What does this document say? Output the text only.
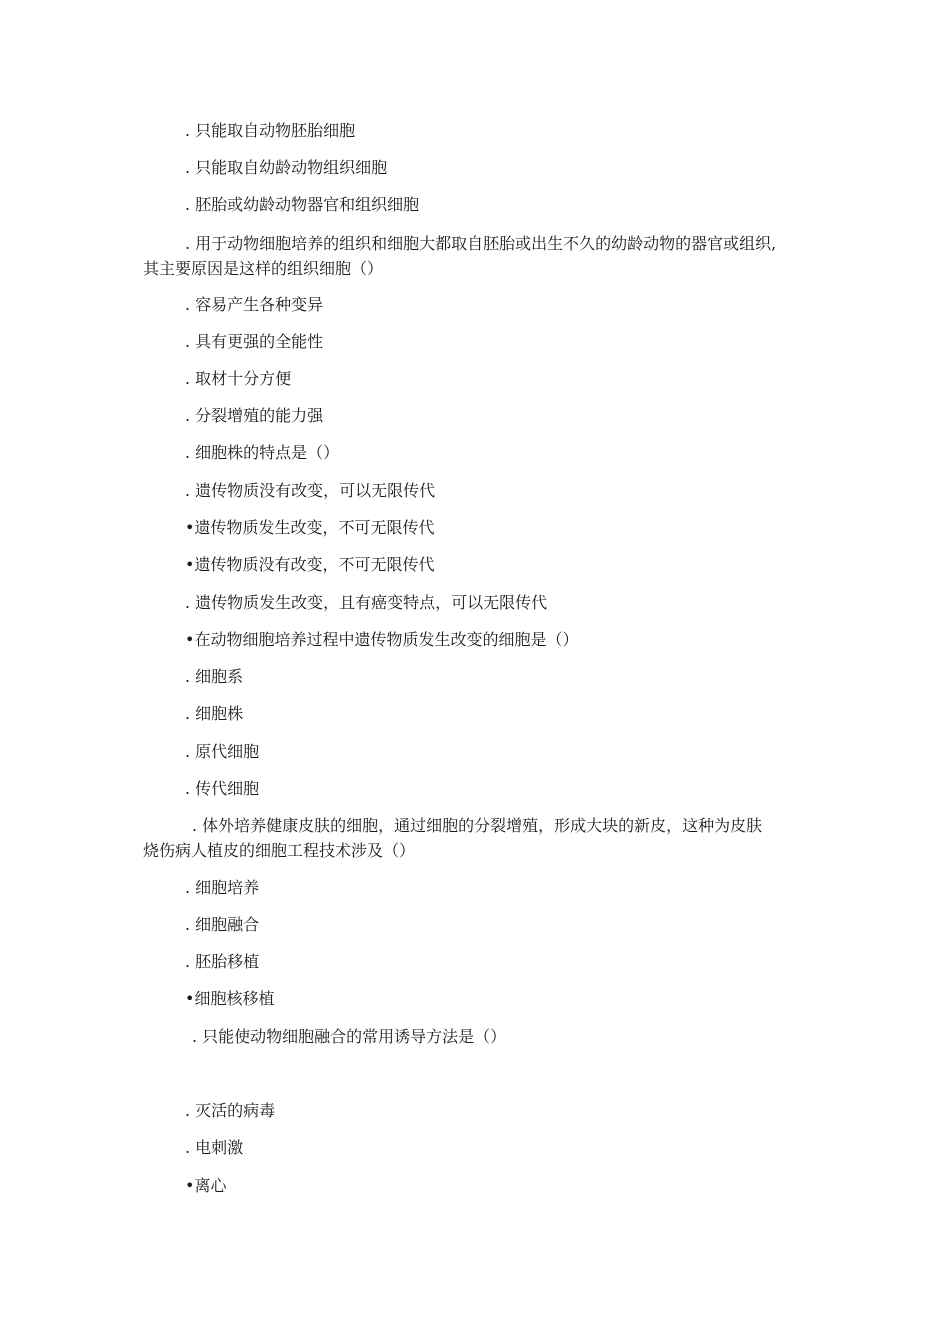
. 只能取自动物胚胎细胞
. 只能取自幼龄动物组织细胞
. 胚胎或幼龄动物器官和组织细胞
. 用于动物细胞培养的组织和细胞大都取自胚胎或出生不久的幼龄动物的器官或组织,
其主要原因是这样的组织细胞（）
. 容易产生各种变异
. 具有更强的全能性
. 取材十分方便
. 分裂增殖的能力强
. 细胞株的特点是（）
. 遗传物质没有改变，可以无限传代
•遗传物质发生改变，不可无限传代
•遗传物质没有改变，不可无限传代
. 遗传物质发生改变，且有癌变特点，可以无限传代
•在动物细胞培养过程中遗传物质发生改变的细胞是（）
. 细胞系
. 细胞株
. 原代细胞
. 传代细胞
. 体外培养健康皮肤的细胞，通过细胞的分裂增殖，形成大块的新皮，这种为皮肤
烧伤病人植皮的细胞工程技术涉及（）
. 细胞培养
. 细胞融合
. 胚胎移植
•细胞核移植
. 只能使动物细胞融合的常用诱导方法是（）
. 灭活的病毒
. 电刺激
•离心
